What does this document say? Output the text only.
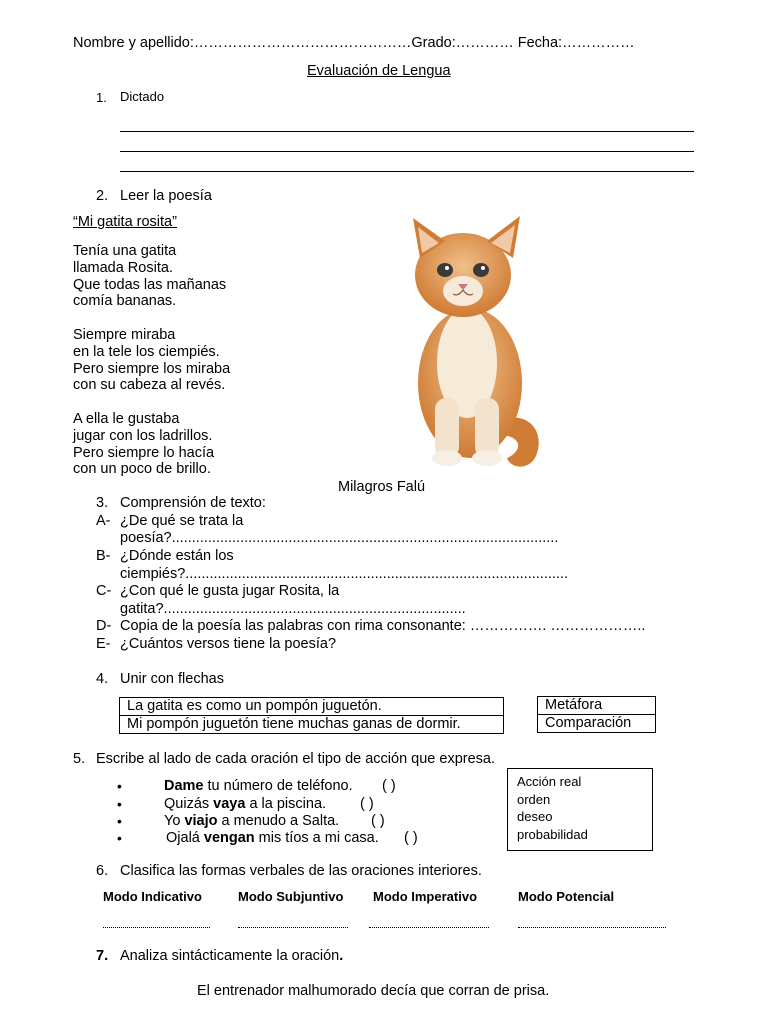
Nombre y apellido:………………………………………Grado:………… Fecha:……………
Evaluación de Lengua
1. Dictado
2. Leer la poesía
“Mi gatita rosita”
Tenía una gatita
llamada Rosita.
Que todas las mañanas
comía bananas.
Siempre miraba
en la tele los ciempiés.
Pero siempre los miraba
con su cabeza al revés.
A ella le gustaba
jugar con los ladrillos.
Pero siempre lo hacía
con un poco de brillo.
Milagros Falú
3. Comprensión de texto:
A- ¿De qué se trata la
poesía?................................................................................................
B- ¿Dónde están los
ciempiés?...............................................................................................
C- ¿Con qué le gusta jugar Rosita, la
gatita?...........................................................................
D- Copia de la poesía las palabras con rima consonante: ……………. ………………..
E- ¿Cuántos versos tiene la poesía?
4. Unir con flechas
La gatita es como un pompón juguetón.
Mi pompón juguetón tiene muchas ganas de dormir.
Metáfora
Comparación
5. Escribe al lado de cada oración el tipo de acción que expresa.
•	Dame tu número de teléfono. ( )
•	Quizás vaya a la piscina. ( )
•	Yo viajo a menudo a Salta. ( )
•	Ojalá vengan mis tíos a mi casa. ( )
Acción real
orden
deseo
probabilidad
6. Clasifica las formas verbales de las oraciones interiores.
Modo Indicativo	Modo Subjuntivo Modo Imperativo	Modo Potencial
7. Analiza sintácticamente la oración.
El entrenador malhumorado decía que corran de prisa.
